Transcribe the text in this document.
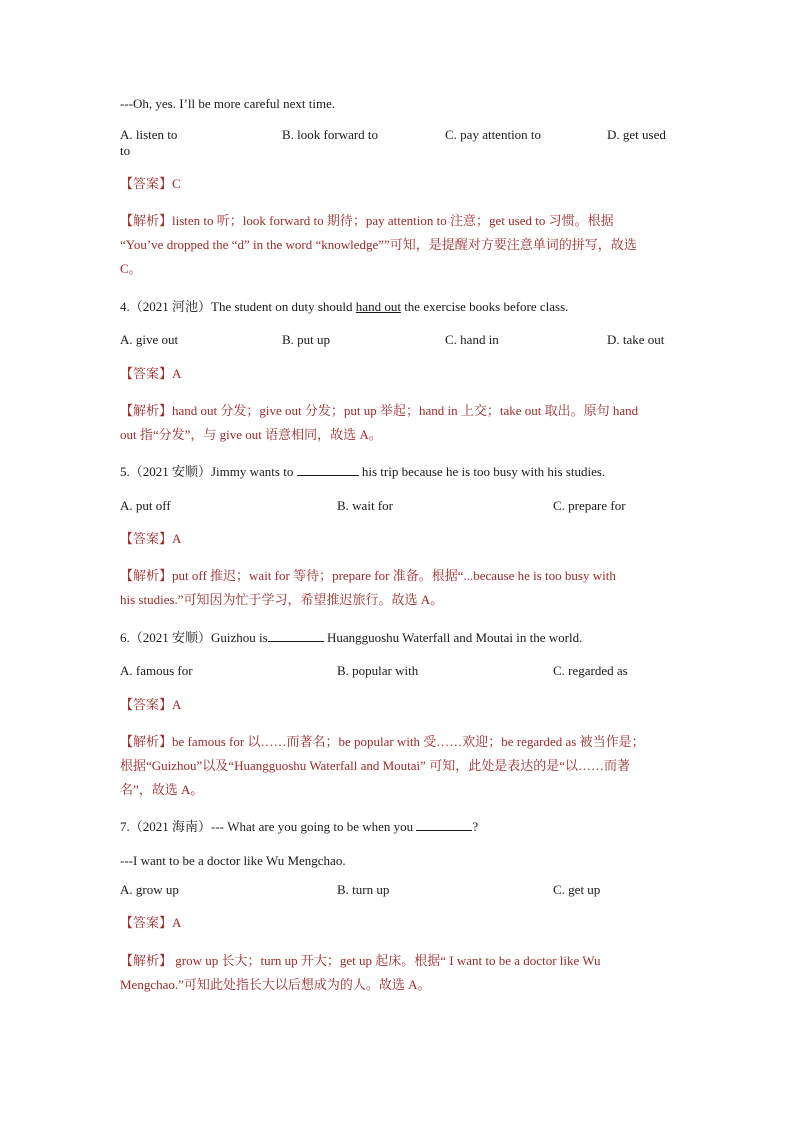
---Oh, yes. I’ll be more careful next time.
A. listen to	B. look forward to	C. pay attention to	D. get used
to
【答案】C
【解析】listen to 听；look forward to 期待；pay attention to 注意；get used to 习惯。根据
“You’ve dropped the “d” in the word “knowledge””可知，是提醒对方要注意单词的拼写，故选
C。
4.（2021 河池）The student on duty should hand out the exercise books before class.
A. give out	B. put up	C. hand in	D. take out
【答案】A
【解析】hand out 分发；give out 分发；put up 举起；hand in 上交；take out 取出。原句 hand
out 指“分发”，与 give out 语意相同，故选 A。
5.（2021 安顺）Jimmy wants to	his trip because he is too busy with his studies.
A. put off	B. wait for	C. prepare for
【答案】A
【解析】put off 推迟；wait for 等待；prepare for 准备。根据“...because he is too busy with
his studies.”可知因为忙于学习，希望推迟旅行。故选 A。
6.（2021 安顺）Guizhou is	Huangguoshu Waterfall and Moutai in the world.
A. famous for	B. popular with	C. regarded as
【答案】A
【解析】be famous for 以……而著名；be popular with 受……欢迎；be regarded as 被当作是；
根据“Guizhou”以及“Huangguoshu Waterfall and Moutai” 可知，此处是表达的是“以……而著
名”，故选 A。
7.（2021 海南）--- What are you going to be when you	?
---I want to be a doctor like Wu Mengchao.
A. grow up	B. turn up	C. get up
【答案】A
【解析】 grow up 长大；turn up 开大；get up 起床。根据“ I want to be a doctor like Wu
Mengchao.”可知此处指长大以后想成为的人。故选 A。
